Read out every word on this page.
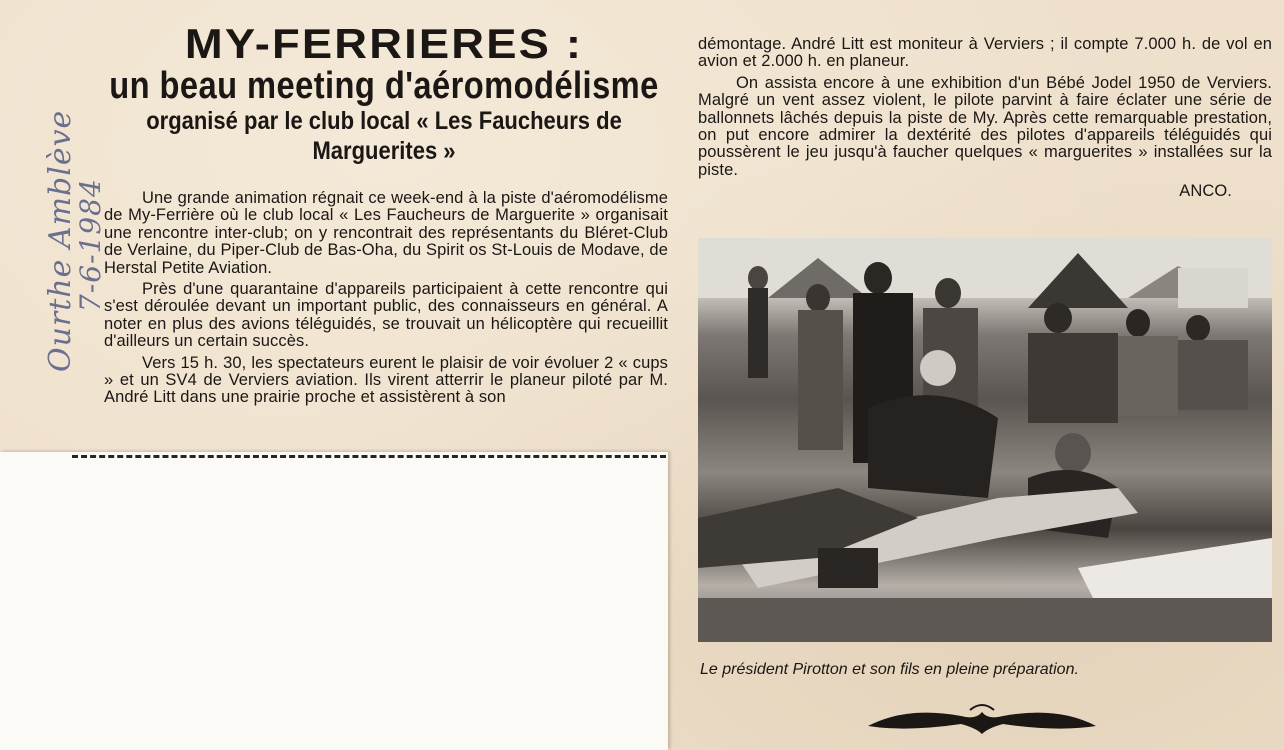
Ourthe Amblève
7-6-1984
MY-FERRIERES :
un beau meeting d'aéromodélisme
organisé par le club local « Les Faucheurs de
Marguerites »

Une grande animation régnait ce week-end à la piste d'aéromodélisme de My-Ferrière où le club local « Les Faucheurs de Marguerite » organisait une rencontre inter-club; on y rencontrait des représentants du Bléret-Club de Verlaine, du Piper-Club de Bas-Oha, du Spirit os St-Louis de Modave, de Herstal Petite Aviation.

Près d'une quarantaine d'appareils participaient à cette rencontre qui s'est déroulée devant un important public, des connaisseurs en général. A noter en plus des avions téléguidés, se trouvait un hélicoptère qui recueillit d'ailleurs un certain succès.

Vers 15 h. 30, les spectateurs eurent le plaisir de voir évoluer 2 « cups » et un SV4 de Verviers aviation. Ils virent atterrir le planeur piloté par M. André Litt dans une prairie proche et assistèrent à son

démontage. André Litt est moniteur à Verviers ; il compte 7.000 h. de vol en avion et 2.000 h. en planeur.

On assista encore à une exhibition d'un Bébé Jodel 1950 de Verviers. Malgré un vent assez violent, le pilote parvint à faire éclater une série de ballonnets lâchés depuis la piste de My. Après cette remarquable prestation, on put encore admirer la dextérité des pilotes d'appareils téléguidés qui poussèrent le jeu jusqu'à faucher quelques « marguerites » installées sur la piste.

ANCO.
Le président Pirotton et son fils en pleine préparation.
